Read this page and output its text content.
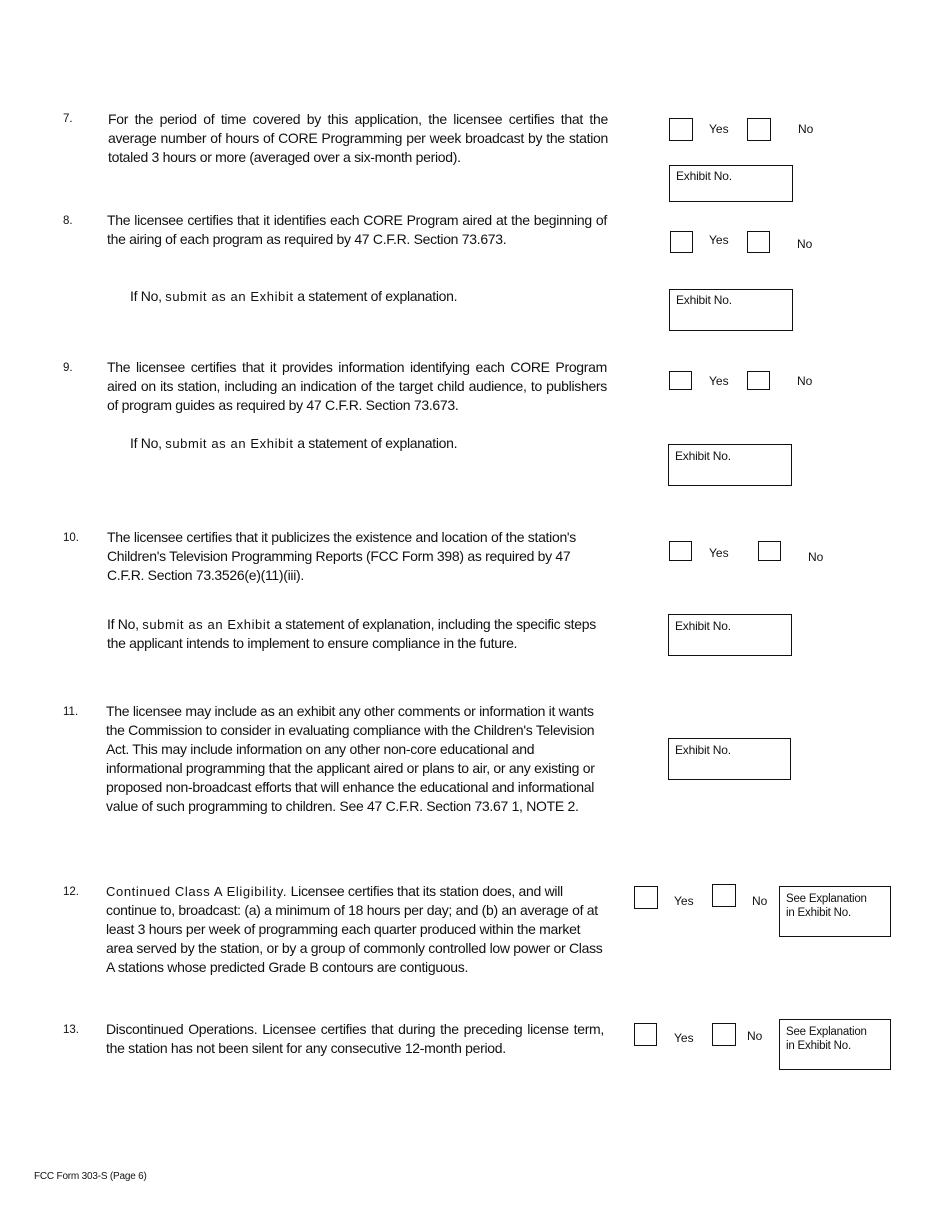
7.	For the period of time covered by this application, the licensee certifies that the average number of hours of CORE Programming per week broadcast by the station totaled 3 hours or more (averaged over a six-month period).
Yes	No
Exhibit No.
8. The licensee certifies that it identifies each CORE Program aired at the beginning of the airing of each program as required by 47 C.F.R. Section 73.673.
If No, submit as an Exhibit a statement of explanation.
Yes	No
Exhibit No.
9. The licensee certifies that it provides information identifying each CORE Program aired on its station, including an indication of the target child audience, to publishers of program guides as required by 47 C.F.R. Section 73.673.
If No, submit as an Exhibit a statement of explanation.
Yes	No
Exhibit No.
10. The licensee certifies that it publicizes the existence and location of the station's Children's Television Programming Reports (FCC Form 398) as required by 47 C.F.R. Section 73.3526(e)(11)(iii).
If No, submit as an Exhibit a statement of explanation, including the specific steps the applicant intends to implement to ensure compliance in the future.
Yes	No
Exhibit No.
11. The licensee may include as an exhibit any other comments or information it wants the Commission to consider in evaluating compliance with the Children's Television Act. This may include information on any other non-core educational and informational programming that the applicant aired or plans to air, or any existing or proposed non-broadcast efforts that will enhance the educational and informational value of such programming to children. See 47 C.F.R. Section 73.67 1, NOTE 2.
Exhibit No.
12. Continued Class A Eligibility. Licensee certifies that its station does, and will continue to, broadcast: (a) a minimum of 18 hours per day; and (b) an average of at least 3 hours per week of programming each quarter produced within the market area served by the station, or by a group of commonly controlled low power or Class A stations whose predicted Grade B contours are contiguous.
Yes	No See Explanation
in Exhibit No.
13. Discontinued Operations. Licensee certifies that during the preceding license term, the station has not been silent for any consecutive 12-month period.
Yes	No See Explanation
in Exhibit No.
FCC Form 303-S (Page 6)
